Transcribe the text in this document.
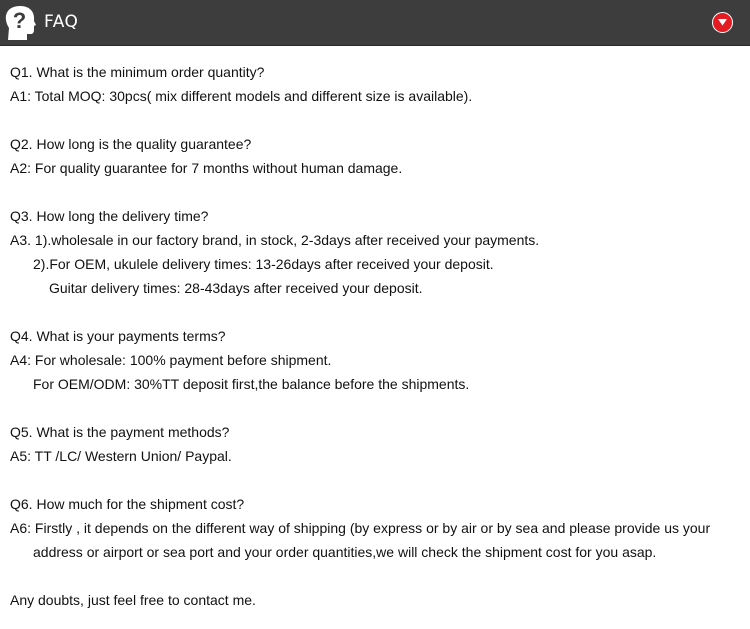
? FAQ
Q1. What is the minimum order quantity?
A1: Total MOQ: 30pcs( mix different models and different size is available).
Q2. How long is the quality guarantee?
A2: For quality guarantee for 7 months without human damage.
Q3. How long the delivery time?
A3. 1).wholesale in our factory brand, in stock, 2-3days after received your payments.
2).For OEM, ukulele delivery times: 13-26days after received your deposit.
Guitar delivery times: 28-43days after received your deposit.
Q4. What is your payments terms?
A4: For wholesale: 100% payment before shipment.
For OEM/ODM: 30%TT deposit first,the balance before the shipments.
Q5. What is the payment methods?
A5: TT /LC/ Western Union/ Paypal.
Q6. How much for the shipment cost?
A6: Firstly , it depends on the different way of shipping (by express or by air or by sea and please provide us your
address or airport or sea port and your order quantities,we will check the shipment cost for you asap.
Any doubts, just feel free to contact me.
